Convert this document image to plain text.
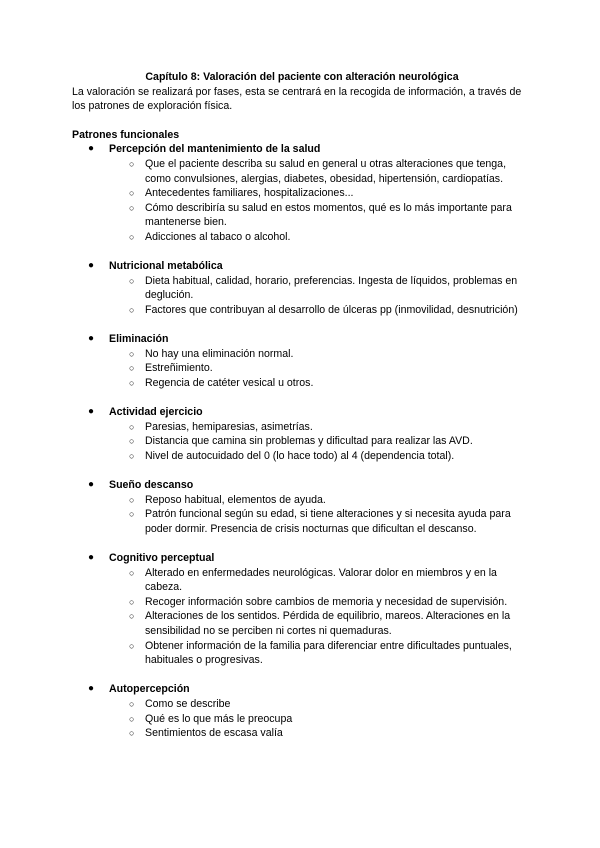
Capítulo 8: Valoración del paciente con alteración neurológica

La valoración se realizará por fases, esta se centrará en la recogida de información, a través de los patrones de exploración física.

Patrones funcionales
● Percepción del mantenimiento de la salud
○ Que el paciente describa su salud en general u otras alteraciones que tenga, como convulsiones, alergias, diabetes, obesidad, hipertensión, cardiopatías.
○ Antecedentes familiares, hospitalizaciones...
○ Cómo describiría su salud en estos momentos, qué es lo más importante para mantenerse bien.
○ Adicciones al tabaco o alcohol.
● Nutricional metabólica
○ Dieta habitual, calidad, horario, preferencias. Ingesta de líquidos, problemas en deglución.
○ Factores que contribuyan al desarrollo de úlceras pp (inmovilidad, desnutrición)
● Eliminación
○ No hay una eliminación normal.
○ Estreñimiento.
○ Regencia de catéter vesical u otros.
● Actividad ejercicio
○ Paresias, hemiparesias, asimetrías.
○ Distancia que camina sin problemas y dificultad para realizar las AVD.
○ Nivel de autocuidado del 0 (lo hace todo) al 4 (dependencia total).
● Sueño descanso
○ Reposo habitual, elementos de ayuda.
○ Patrón funcional según su edad, si tiene alteraciones y si necesita ayuda para poder dormir. Presencia de crisis nocturnas que dificultan el descanso.
● Cognitivo perceptual
○ Alterado en enfermedades neurológicas. Valorar dolor en miembros y en la cabeza.
○ Recoger información sobre cambios de memoria y necesidad de supervisión.
○ Alteraciones de los sentidos. Pérdida de equilibrio, mareos. Alteraciones en la sensibilidad no se perciben ni cortes ni quemaduras.
○ Obtener información de la familia para diferenciar entre dificultades puntuales, habituales o progresivas.
● Autopercepción
○ Como se describe
○ Qué es lo que más le preocupa
○ Sentimientos de escasa valía
